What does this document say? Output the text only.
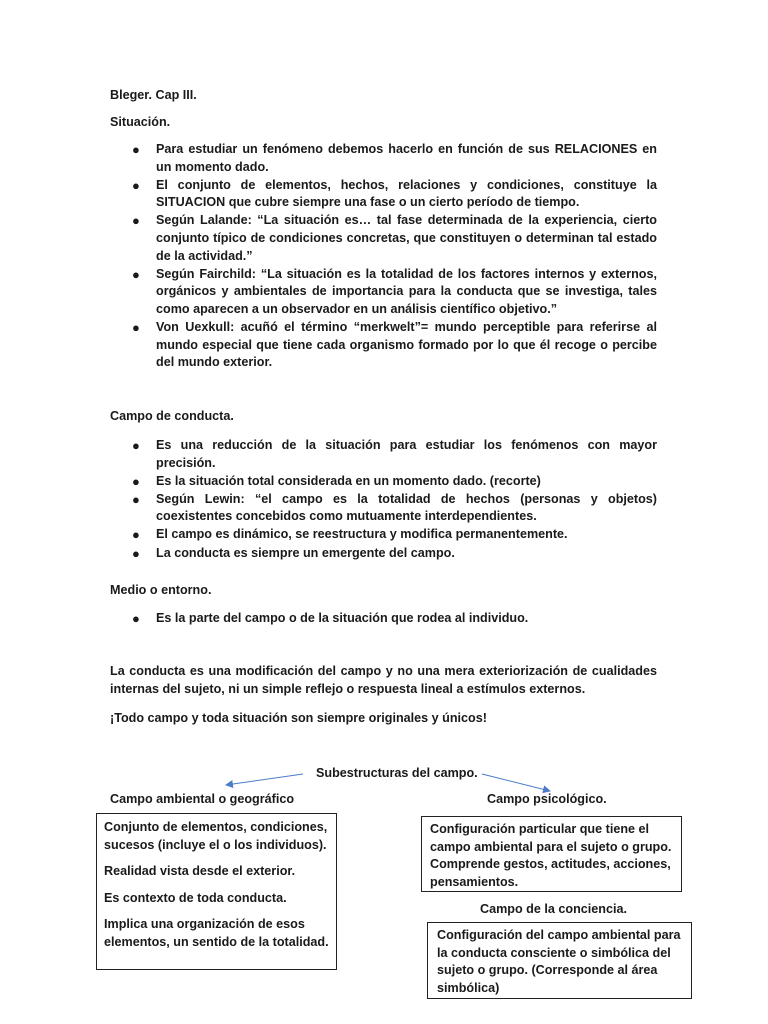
Bleger. Cap III.
Situación.
● Para estudiar un fenómeno debemos hacerlo en función de sus RELACIONES en un momento dado.
● El conjunto de elementos, hechos, relaciones y condiciones, constituye la SITUACION que cubre siempre una fase o un cierto período de tiempo.
● Según Lalande: “La situación es… tal fase determinada de la experiencia, cierto conjunto típico de condiciones concretas, que constituyen o determinan tal estado de la actividad.”
● Según Fairchild: “La situación es la totalidad de los factores internos y externos, orgánicos y ambientales de importancia para la conducta que se investiga, tales como aparecen a un observador en un análisis científico objetivo.”
● Von Uexkull: acuñó el término “merkwelt”= mundo perceptible para referirse al mundo especial que tiene cada organismo formado por lo que él recoge o percibe del mundo exterior.
Campo de conducta.
● Es una reducción de la situación para estudiar los fenómenos con mayor precisión.
● Es la situación total considerada en un momento dado. (recorte)
● Según Lewin: “el campo es la totalidad de hechos (personas y objetos) coexistentes concebidos como mutuamente interdependientes.
● El campo es dinámico, se reestructura y modifica permanentemente.
● La conducta es siempre un emergente del campo.
Medio o entorno.
● Es la parte del campo o de la situación que rodea al individuo.
La conducta es una modificación del campo y no una mera exteriorización de cualidades internas del sujeto, ni un simple reflejo o respuesta lineal a estímulos externos.
¡Todo campo y toda situación son siempre originales y únicos!
Subestructuras del campo.
Campo ambiental o geográfico	Campo psicológico.

Conjunto de elementos, condiciones, sucesos (incluye el o los individuos).

Realidad vista desde el exterior.

Es contexto de toda conducta.

Implica una organización de esos elementos, un sentido de la totalidad.

Configuración particular que tiene el campo ambiental para el sujeto o grupo. Comprende gestos, actitudes, acciones, pensamientos.

Campo de la conciencia.

Configuración del campo ambiental para la conducta consciente o simbólica del sujeto o grupo. (Corresponde al área simbólica)
